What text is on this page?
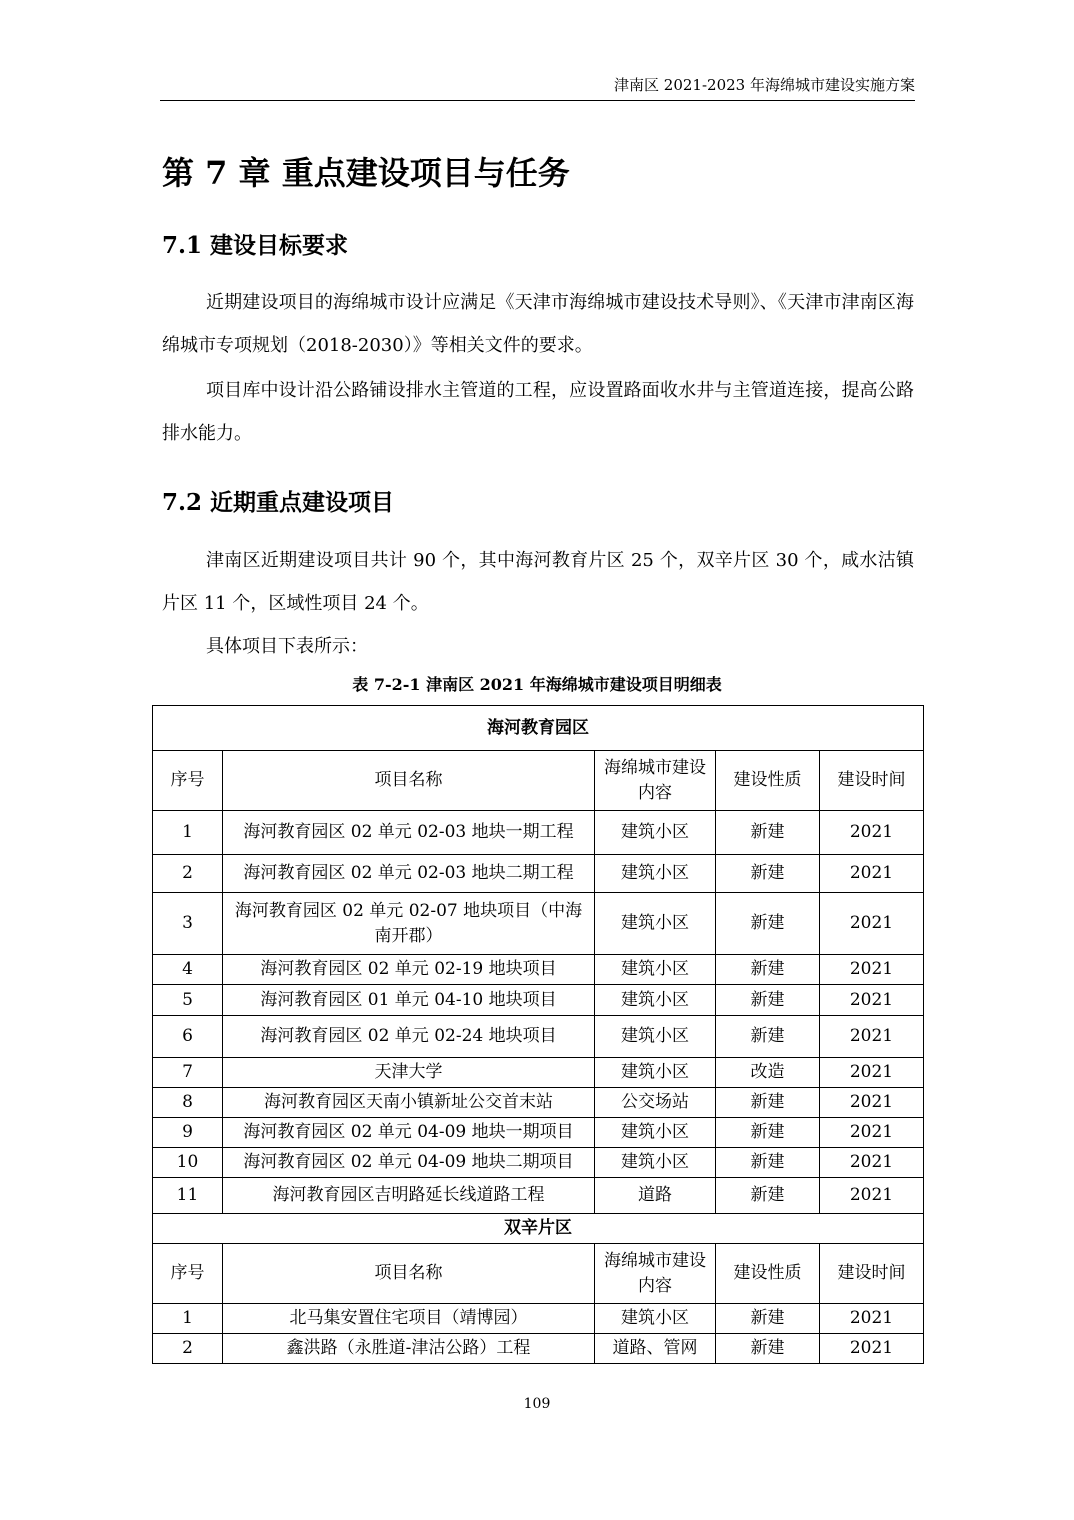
津南区 2021-2023 年海绵城市建设实施方案
第 7 章 重点建设项目与任务
7.1 建设目标要求

近期建设项目的海绵城市设计应满足《天津市海绵城市建设技术导则》、《天津市津南区海绵城市专项规划（2018-2030）》等相关文件的要求。

项目库中设计沿公路铺设排水主管道的工程，应设置路面收水井与主管道连接，提高公路排水能力。

7.2 近期重点建设项目

津南区近期建设项目共计 90 个，其中海河教育片区 25 个，双辛片区 30 个，咸水沽镇片区 11 个，区域性项目 24 个。

具体项目下表所示：

表 7-2-1 津南区 2021 年海绵城市建设项目明细表
海河教育园区				
序号	项目名称	海绵城市建设内容	建设性质	建设时间
1	海河教育园区 02 单元 02-03 地块一期工程	建筑小区	新建	2021
2	海河教育园区 02 单元 02-03 地块二期工程	建筑小区	新建	2021
3	海河教育园区 02 单元 02-07 地块项目（中海南开郡）	建筑小区	新建	2021
4	海河教育园区 02 单元 02-19 地块项目	建筑小区	新建	2021
5	海河教育园区 01 单元 04-10 地块项目	建筑小区	新建	2021
6	海河教育园区 02 单元 02-24 地块项目	建筑小区	新建	2021
7	天津大学	建筑小区	改造	2021
8	海河教育园区天南小镇新址公交首末站	公交场站	新建	2021
9	海河教育园区 02 单元 04-09 地块一期项目	建筑小区	新建	2021
10	海河教育园区 02 单元 04-09 地块二期项目	建筑小区	新建	2021
11	海河教育园区吉明路延长线道路工程	道路	新建	2021
双辛片区				
序号	项目名称	海绵城市建设内容	建设性质	建设时间
1	北马集安置住宅项目（靖博园）	建筑小区	新建	2021
2	鑫洪路（永胜道-津沽公路）工程	道路、管网	新建	2021
109
